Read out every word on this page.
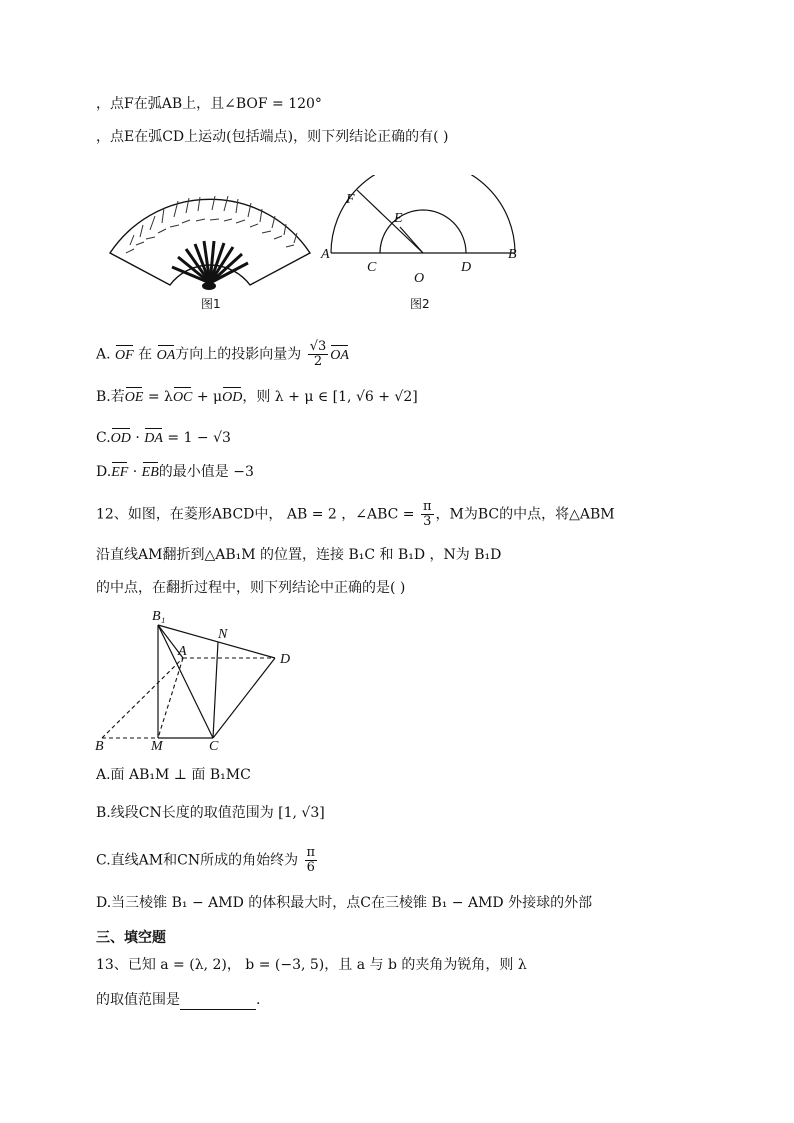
，点F在弧AB上，且∠BOF = 120°
，点E在弧CD上运动(包括端点)，则下列结论正确的有( )
图1
F
E
A
C
O
D
B
图2
A. OF 在 OA方向上的投影向量为 $\frac{√3}{2}$ OA
B.若OE = λOC + μOD，则 λ + μ ∈ [1, √6 + √2]
C.OD · DA = 1 − √3
D.EF · EB的最小值是 −3
12、如图，在菱形ABCD中， AB = 2 ，∠ABC = $\frac{\pi}{3}$ ，M为BC的中点，将△ABM
沿直线AM翻折到△AB₁M 的位置，连接 B₁C 和 B₁D ，N为 B₁D
的中点，在翻折过程中，则下列结论中正确的是( )
B₁
N
A
D
B	M	C
A.面 AB₁M ⊥ 面 B₁MC
B.线段CN长度的取值范围为 [1, √3]
C.直线AM和CN所成的角始终为 $\frac{\pi}{6}$
D.当三棱锥 B₁ − AMD 的体积最大时，点C在三棱锥 B₁ − AMD 外接球的外部
三、填空题
13、已知 a = (λ, 2)， b = (−3, 5)，且 a 与 b 的夹角为锐角，则 λ
的取值范围是	.
